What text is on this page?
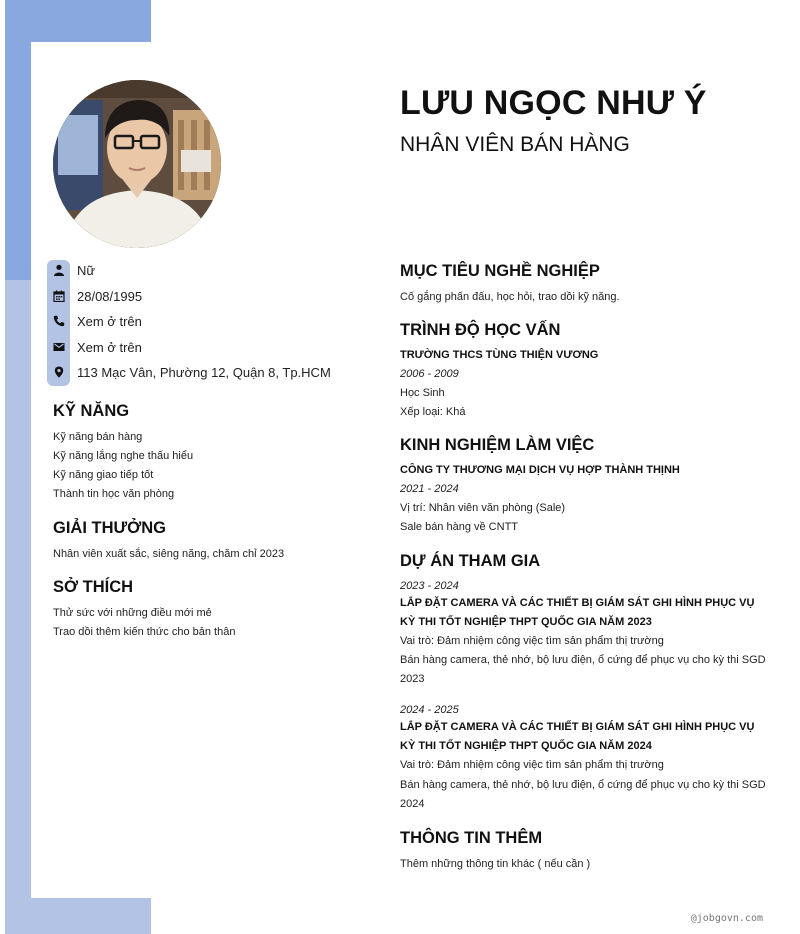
LƯU NGỌC NHƯ Ý
NHÂN VIÊN BÁN HÀNG
Nữ
28/08/1995
Xem ở trên
Xem ở trên
113 Mạc Vân, Phường 12, Quận 8, Tp.HCM
KỸ NĂNG
Kỹ năng bán hàng
Kỹ năng lắng nghe thấu hiểu
Kỹ năng giao tiếp tốt
Thành tin học văn phòng
GIẢI THƯỞNG
Nhân viên xuất sắc, siêng năng, chăm chỉ 2023
SỞ THÍCH
Thử sức với những điều mới mẻ
Trao dồi thêm kiến thức cho bản thân
MỤC TIÊU NGHỀ NGHIỆP
Cố gắng phấn đấu, học hỏi, trao dồi kỹ năng.
TRÌNH ĐỘ HỌC VẤN
TRƯỜNG THCS TÙNG THIỆN VƯƠNG
2006 - 2009
Học Sinh
Xếp loại: Khá
KINH NGHIỆM LÀM VIỆC
CÔNG TY THƯƠNG MẠI DỊCH VỤ HỢP THÀNH THỊNH
2021 - 2024
Vị trí: Nhân viên văn phòng (Sale)
Sale bán hàng về CNTT
DỰ ÁN THAM GIA
2023 - 2024
LẮP ĐẶT CAMERA VÀ CÁC THIẾT BỊ GIÁM SÁT GHI HÌNH PHỤC VỤ KỲ THI TỐT NGHIỆP THPT QUỐC GIA NĂM 2023
Vai trò: Đảm nhiệm công việc tìm sản phẩm thị trường
Bán hàng camera, thẻ nhớ, bộ lưu điện, ổ cứng để phục vụ cho kỳ thi SGD 2023
2024 - 2025
LẮP ĐẶT CAMERA VÀ CÁC THIẾT BỊ GIÁM SÁT GHI HÌNH PHỤC VỤ KỲ THI TỐT NGHIỆP THPT QUỐC GIA NĂM 2024
Vai trò: Đảm nhiệm công việc tìm sản phẩm thị trường
Bán hàng camera, thẻ nhớ, bộ lưu điện, ổ cứng để phục vụ cho kỳ thi SGD 2024
THÔNG TIN THÊM
Thêm những thông tin khác ( nếu cần )
@jobgovn.com
